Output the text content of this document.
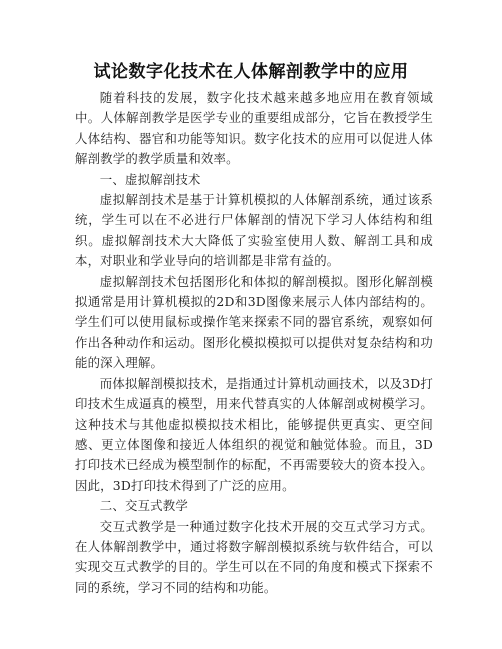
试论数字化技术在人体解剖教学中的应用

随着科技的发展，数字化技术越来越多地应用在教育领域中。人体解剖教学是医学专业的重要组成部分，它旨在教授学生人体结构、器官和功能等知识。数字化技术的应用可以促进人体解剖教学的教学质量和效率。

一、虚拟解剖技术

虚拟解剖技术是基于计算机模拟的人体解剖系统，通过该系统，学生可以在不必进行尸体解剖的情况下学习人体结构和组织。虚拟解剖技术大大降低了实验室使用人数、解剖工具和成本，对职业和学业导向的培训都是非常有益的。

虚拟解剖技术包括图形化和体拟的解剖模拟。图形化解剖模拟通常是用计算机模拟的2D和3D图像来展示人体内部结构的。学生们可以使用鼠标或操作笔来探索不同的器官系统，观察如何作出各种动作和运动。图形化模拟模拟可以提供对复杂结构和功能的深入理解。

而体拟解剖模拟技术，是指通过计算机动画技术，以及3D打印技术生成逼真的模型，用来代替真实的人体解剖或树模学习。这种技术与其他虚拟模拟技术相比，能够提供更真实、更空间感、更立体图像和接近人体组织的视觉和触觉体验。而且，3D打印技术已经成为模型制作的标配，不再需要较大的资本投入。因此，3D打印技术得到了广泛的应用。

二、交互式教学

交互式教学是一种通过数字化技术开展的交互式学习方式。在人体解剖教学中，通过将数字解剖模拟系统与软件结合，可以实现交互式教学的目的。学生可以在不同的角度和模式下探索不同的系统，学习不同的结构和功能。
